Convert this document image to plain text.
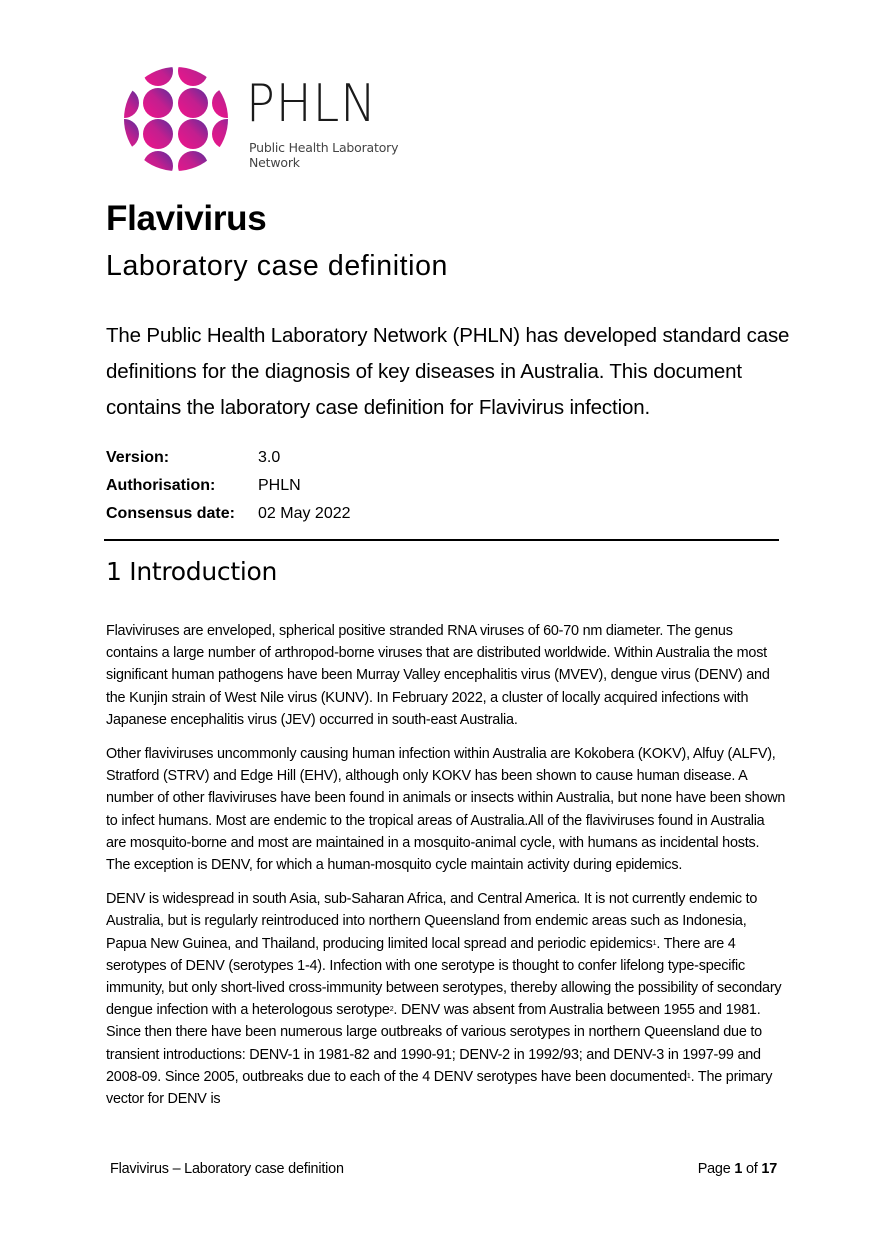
PHLN
Public Health Laboratory Network
Flavivirus
Laboratory case definition
The Public Health Laboratory Network (PHLN) has developed standard case definitions for the diagnosis of key diseases in Australia. This document contains the laboratory case definition for Flavivirus infection.
Version:	3.0
Authorisation:	PHLN
Consensus date:	02 May 2022
1 Introduction

Flaviviruses are enveloped, spherical positive stranded RNA viruses of 60-70 nm diameter. The genus contains a large number of arthropod-borne viruses that are distributed worldwide. Within Australia the most significant human pathogens have been Murray Valley encephalitis virus (MVEV), dengue virus (DENV) and the Kunjin strain of West Nile virus (KUNV). In February 2022, a cluster of locally acquired infections with Japanese encephalitis virus (JEV) occurred in south-east Australia.

Other flaviviruses uncommonly causing human infection within Australia are Kokobera (KOKV), Alfuy (ALFV), Stratford (STRV) and Edge Hill (EHV), although only KOKV has been shown to cause human disease. A number of other flaviviruses have been found in animals or insects within Australia, but none have been shown to infect humans. Most are endemic to the tropical areas of Australia.All of the flaviviruses found in Australia are mosquito-borne and most are maintained in a mosquito-animal cycle, with humans as incidental hosts. The exception is DENV, for which a human-mosquito cycle maintain activity during epidemics.

DENV is widespread in south Asia, sub-Saharan Africa, and Central America. It is not currently endemic to Australia, but is regularly reintroduced into northern Queensland from endemic areas such as Indonesia, Papua New Guinea, and Thailand, producing limited local spread and periodic epidemics$^1$. There are 4 serotypes of DENV (serotypes 1-4). Infection with one serotype is thought to confer lifelong type-specific immunity, but only short-lived cross-immunity between serotypes, thereby allowing the possibility of secondary dengue infection with a heterologous serotype$^2$. DENV was absent from Australia between 1955 and 1981. Since then there have been numerous large outbreaks of various serotypes in northern Queensland due to transient introductions: DENV-1 in 1981-82 and 1990-91; DENV-2 in 1992/93; and DENV-3 in 1997-99 and 2008-09. Since 2005, outbreaks due to each of the 4 DENV serotypes have been documented$^1$. The primary vector for DENV is

Flavivirus – Laboratory case definition	Page 1 of 17
